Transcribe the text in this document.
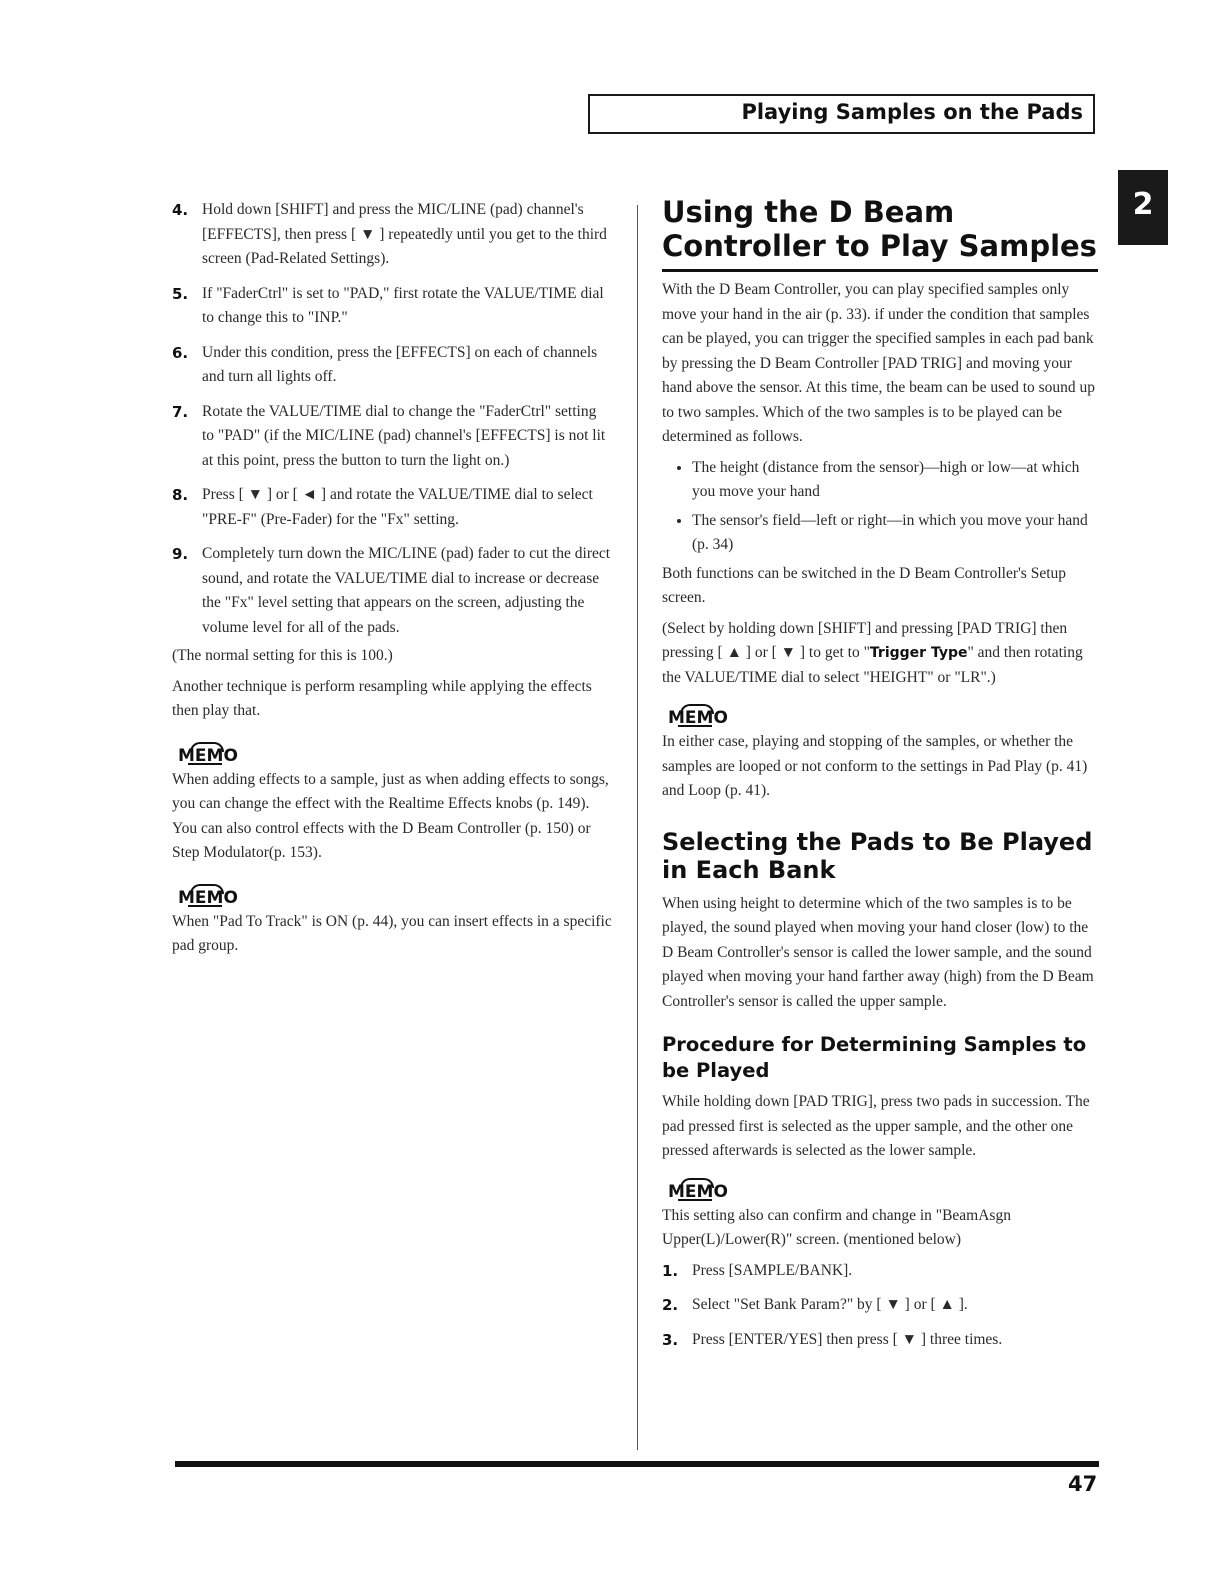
Playing Samples on the Pads
2
4. Hold down [SHIFT] and press the MIC/LINE (pad) channel's [EFFECTS], then press [ ▼ ] repeatedly until you get to the third screen (Pad-Related Settings).
5. If "FaderCtrl" is set to "PAD," first rotate the VALUE/TIME dial to change this to "INP."
6. Under this condition, press the [EFFECTS] on each of channels and turn all lights off.
7. Rotate the VALUE/TIME dial to change the "FaderCtrl" setting to "PAD" (if the MIC/LINE (pad) channel's [EFFECTS] is not lit at this point, press the button to turn the light on.)
8. Press [ ▼ ] or [ ◄ ] and rotate the VALUE/TIME dial to select "PRE-F" (Pre-Fader) for the "Fx" setting.
9. Completely turn down the MIC/LINE (pad) fader to cut the direct sound, and rotate the VALUE/TIME dial to increase or decrease the "Fx" level setting that appears on the screen, adjusting the volume level for all of the pads.

(The normal setting for this is 100.)

Another technique is perform resampling while applying the effects then play that.

MEMO

When adding effects to a sample, just as when adding effects to songs, you can change the effect with the Realtime Effects knobs (p. 149). You can also control effects with the D Beam Controller (p. 150) or Step Modulator(p. 153).

MEMO

When "Pad To Track" is ON (p. 44), you can insert effects in a specific pad group.

Using the D Beam Controller to Play Samples

With the D Beam Controller, you can play specified samples only move your hand in the air (p. 33). if under the condition that samples can be played, you can trigger the specified samples in each pad bank by pressing the D Beam Controller [PAD TRIG] and moving your hand above the sensor. At this time, the beam can be used to sound up to two samples. Which of the two samples is to be played can be determined as follows.

• The height (distance from the sensor)—high or low—at which you move your hand
• The sensor's field—left or right—in which you move your hand (p. 34)

Both functions can be switched in the D Beam Controller's Setup screen.

(Select by holding down [SHIFT] and pressing [PAD TRIG] then pressing [ ▲ ] or [ ▼ ] to get to "Trigger Type" and then rotating the VALUE/TIME dial to select "HEIGHT" or "LR".)

MEMO

In either case, playing and stopping of the samples, or whether the samples are looped or not conform to the settings in Pad Play (p. 41) and Loop (p. 41).

Selecting the Pads to Be Played in Each Bank

When using height to determine which of the two samples is to be played, the sound played when moving your hand closer (low) to the D Beam Controller's sensor is called the lower sample, and the sound played when moving your hand farther away (high) from the D Beam Controller's sensor is called the upper sample.

Procedure for Determining Samples to be Played

While holding down [PAD TRIG], press two pads in succession. The pad pressed first is selected as the upper sample, and the other one pressed afterwards is selected as the lower sample.

MEMO

This setting also can confirm and change in "BeamAsgn Upper(L)/Lower(R)" screen. (mentioned below)

1. Press [SAMPLE/BANK].
2. Select "Set Bank Param?" by [ ▼ ] or [ ▲ ].
3. Press [ENTER/YES] then press [ ▼ ] three times.
47
